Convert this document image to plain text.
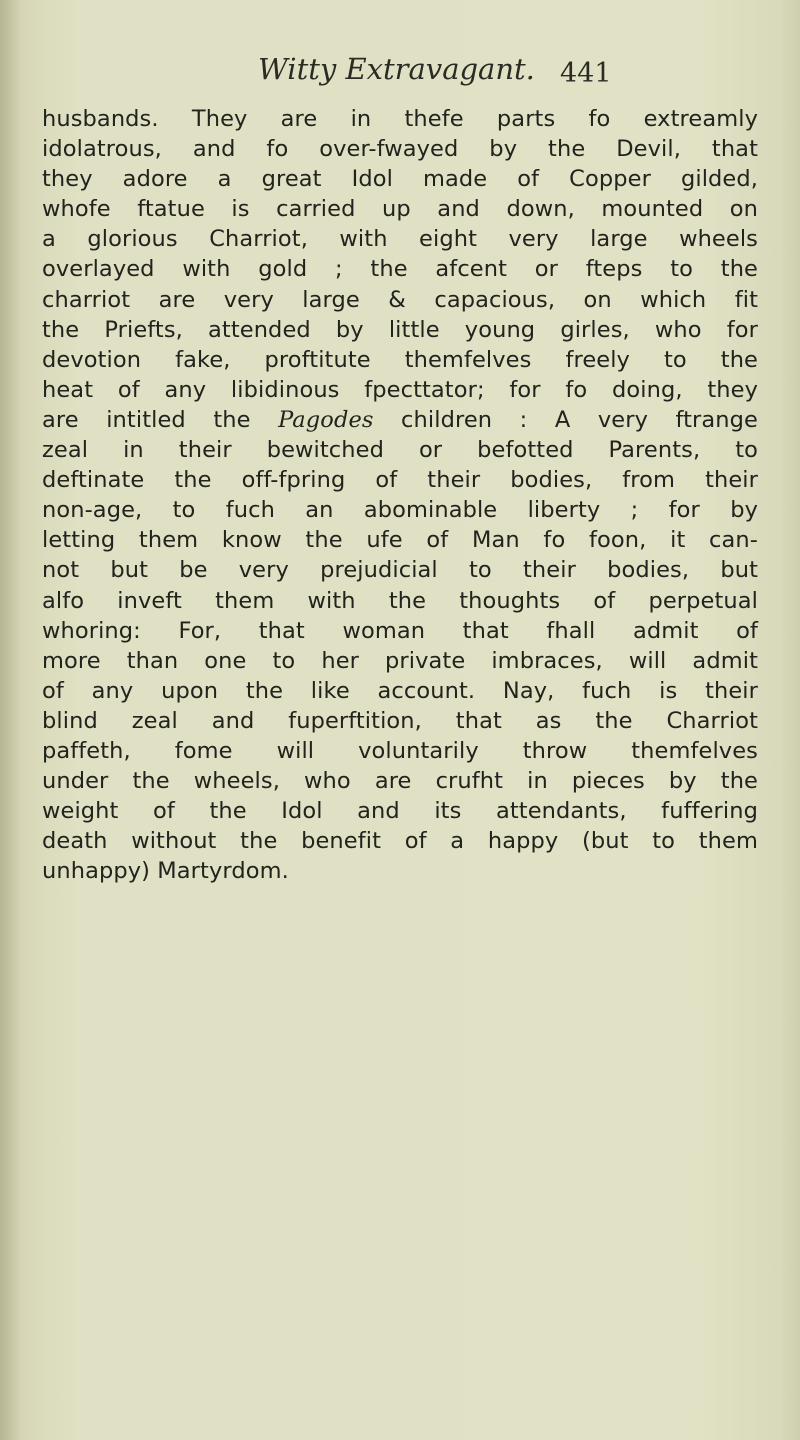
Witty Extravagant. 441
husbands. They are in thefe parts fo extreamly
idolatrous, and fo over-fwayed by the Devil, that
they adore a great Idol made of Copper gilded,
whofe ftatue is carried up and down, mounted on
a glorious Charriot, with eight very large wheels
overlayed with gold ; the afcent or fteps to the
charriot are very large & capacious, on which fit
the Priefts, attended by little young girles, who for
devotion fake, proftitute themfelves freely to the
heat of any libidinous fpecttator; for fo doing, they
are intitled the Pagodes children : A very ftrange
zeal in their bewitched or befotted Parents, to
deftinate the off-fpring of their bodies, from their
non-age, to fuch an abominable liberty ; for by
letting them know the ufe of Man fo foon, it can-
not but be very prejudicial to their bodies, but
alfo inveft them with the thoughts of perpetual
whoring: For, that woman that fhall admit of
more than one to her private imbraces, will admit
of any upon the like account. Nay, fuch is their
blind zeal and fuperftition, that as the Charriot
paffeth, fome will voluntarily throw themfelves
under the wheels, who are crufht in pieces by the
weight of the Idol and its attendants, fuffering
death without the benefit of a happy (but to them
unhappy) Martyrdom.
